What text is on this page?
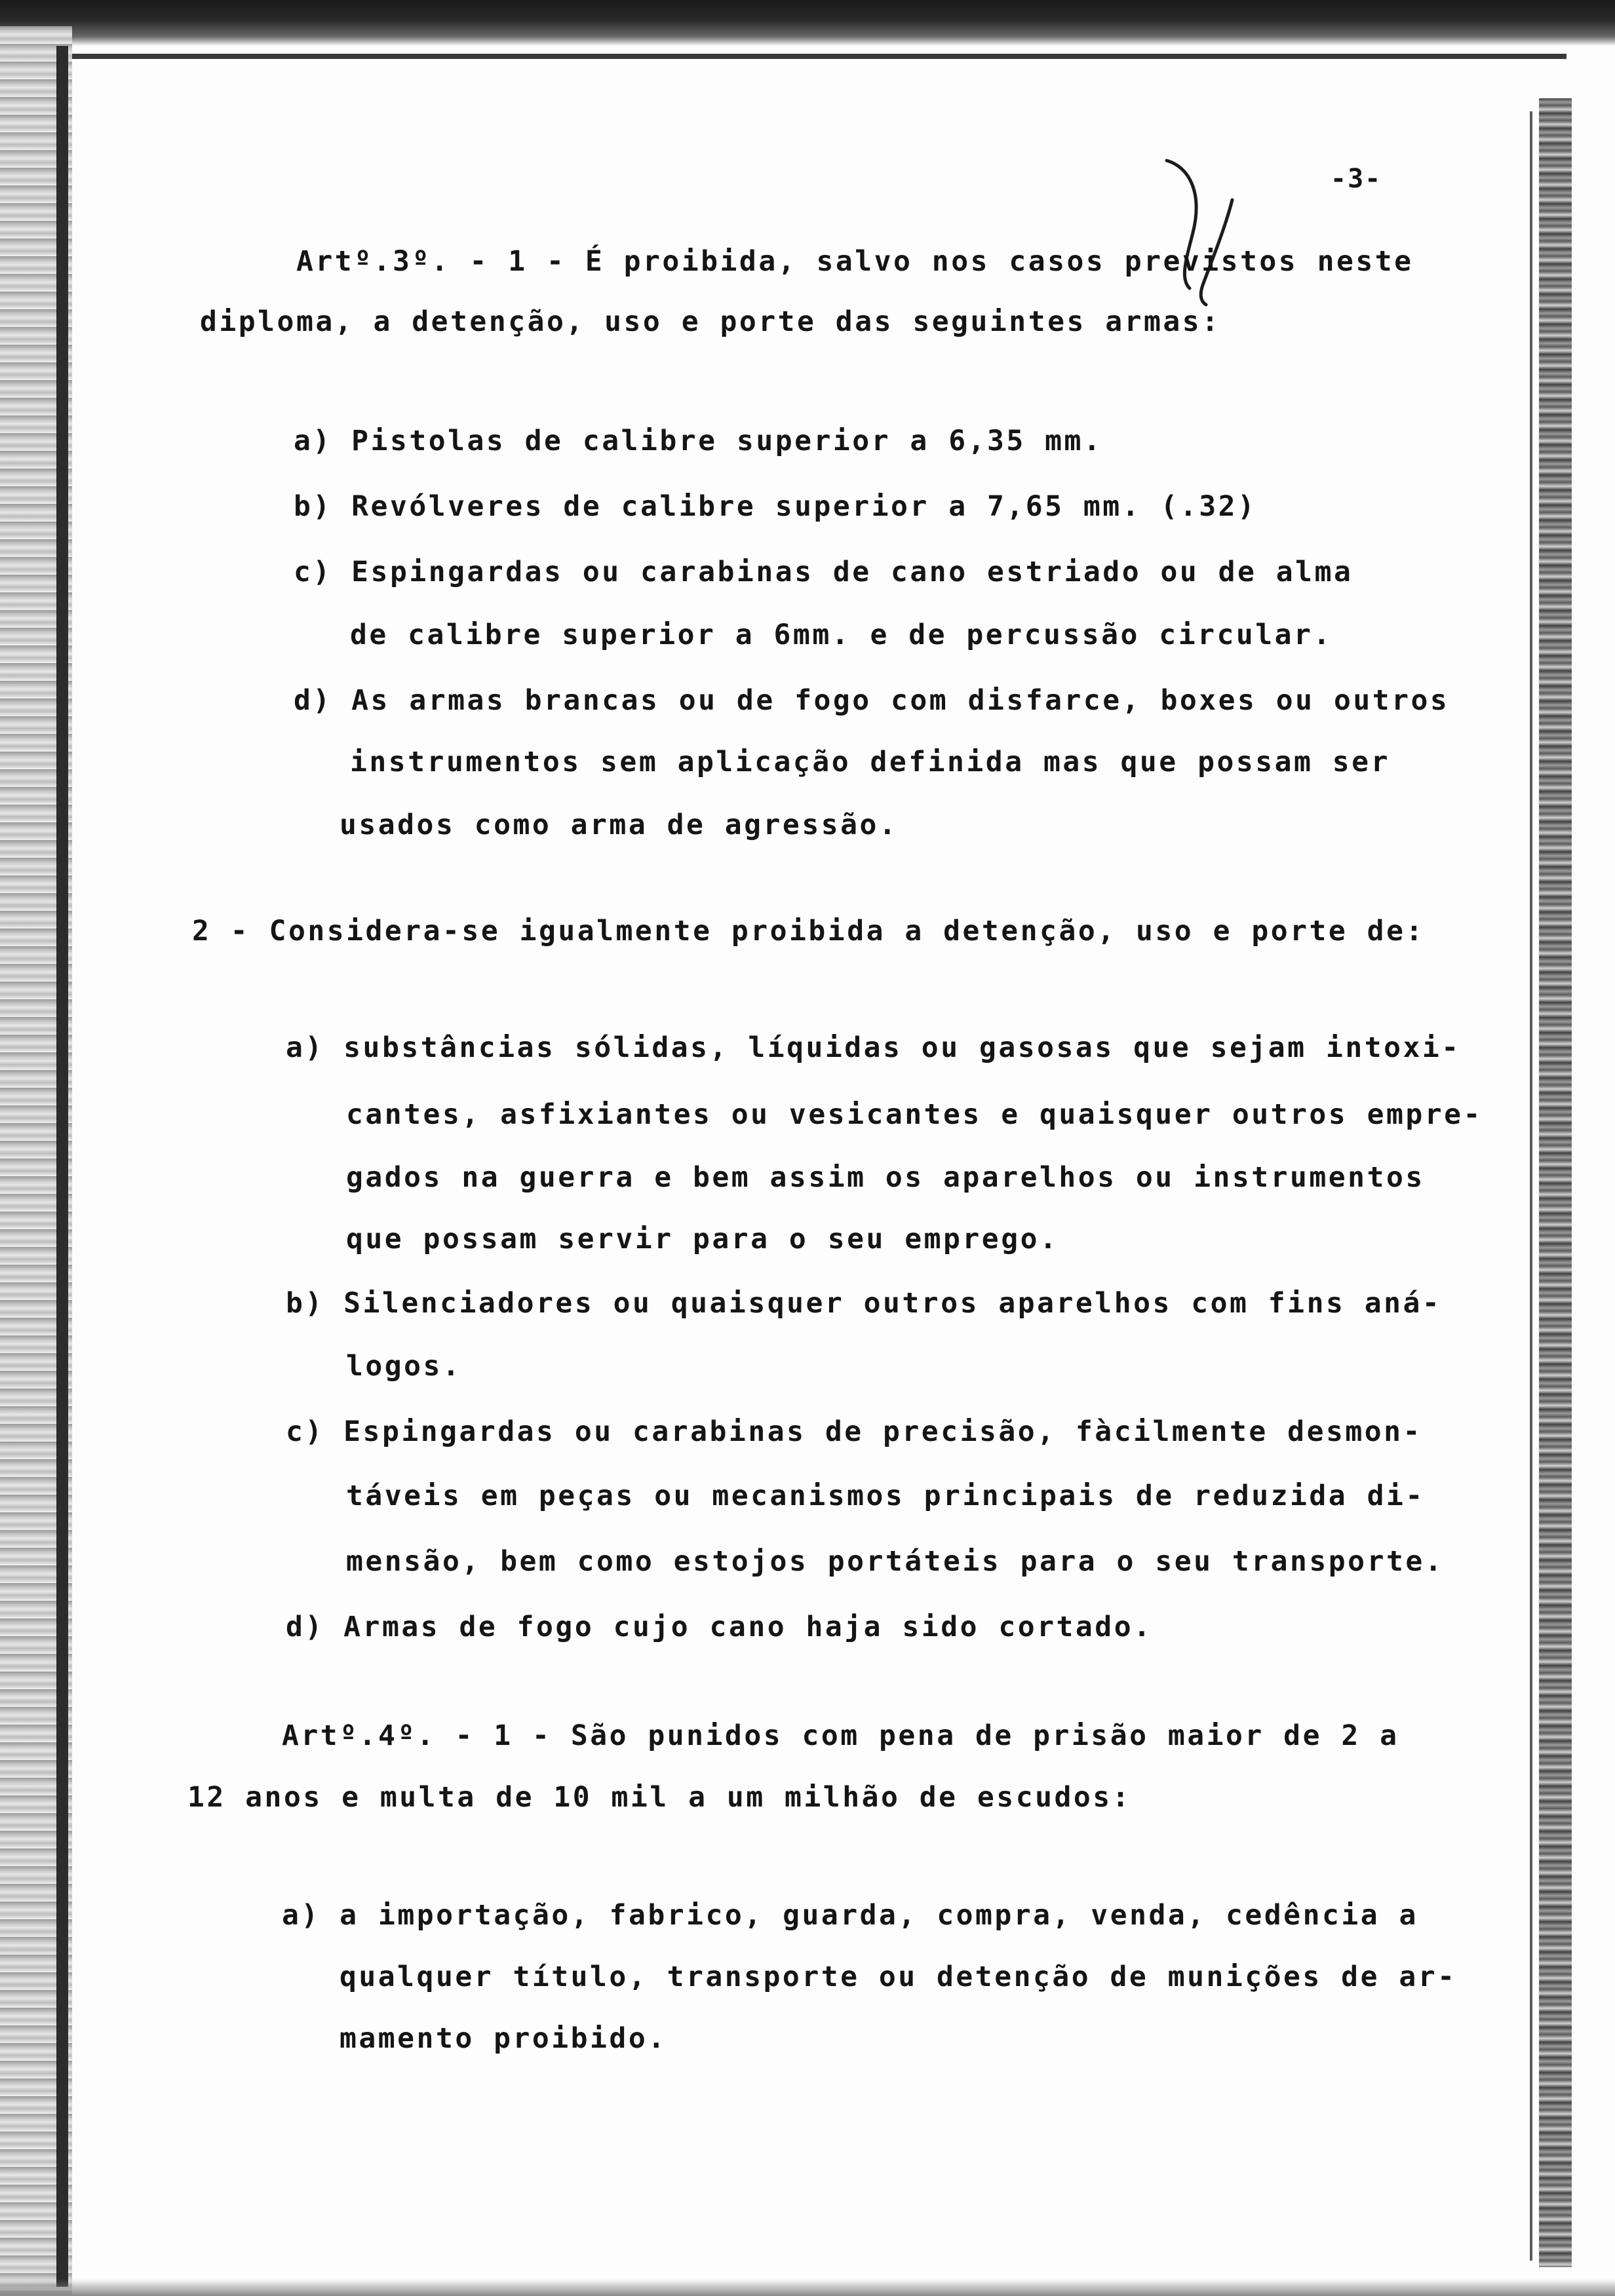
-3-
Artº.3º. - 1 - É proibida, salvo nos casos previstos neste
diploma, a detenção, uso e porte das seguintes armas:
a) Pistolas de calibre superior a 6,35 mm.
b) Revólveres de calibre superior a 7,65 mm. (.32)
c) Espingardas ou carabinas de cano estriado ou de alma
de calibre superior a 6mm. e de percussão circular.
d) As armas brancas ou de fogo com disfarce, boxes ou outros
instrumentos sem aplicação definida mas que possam ser
usados como arma de agressão.
2 - Considera-se igualmente proibida a detenção, uso e porte de:
a) substâncias sólidas, líquidas ou gasosas que sejam intoxi-
cantes, asfixiantes ou vesicantes e quaisquer outros empre-
gados na guerra e bem assim os aparelhos ou instrumentos
que possam servir para o seu emprego.
b) Silenciadores ou quaisquer outros aparelhos com fins aná-
logos.
c) Espingardas ou carabinas de precisão, fàcilmente desmon-
táveis em peças ou mecanismos principais de reduzida di-
mensão, bem como estojos portáteis para o seu transporte.
d) Armas de fogo cujo cano haja sido cortado.
Artº.4º. - 1 - São punidos com pena de prisão maior de 2 a
12 anos e multa de 10 mil a um milhão de escudos:
a) a importação, fabrico, guarda, compra, venda, cedência a
qualquer título, transporte ou detenção de munições de ar-
mamento proibido.
